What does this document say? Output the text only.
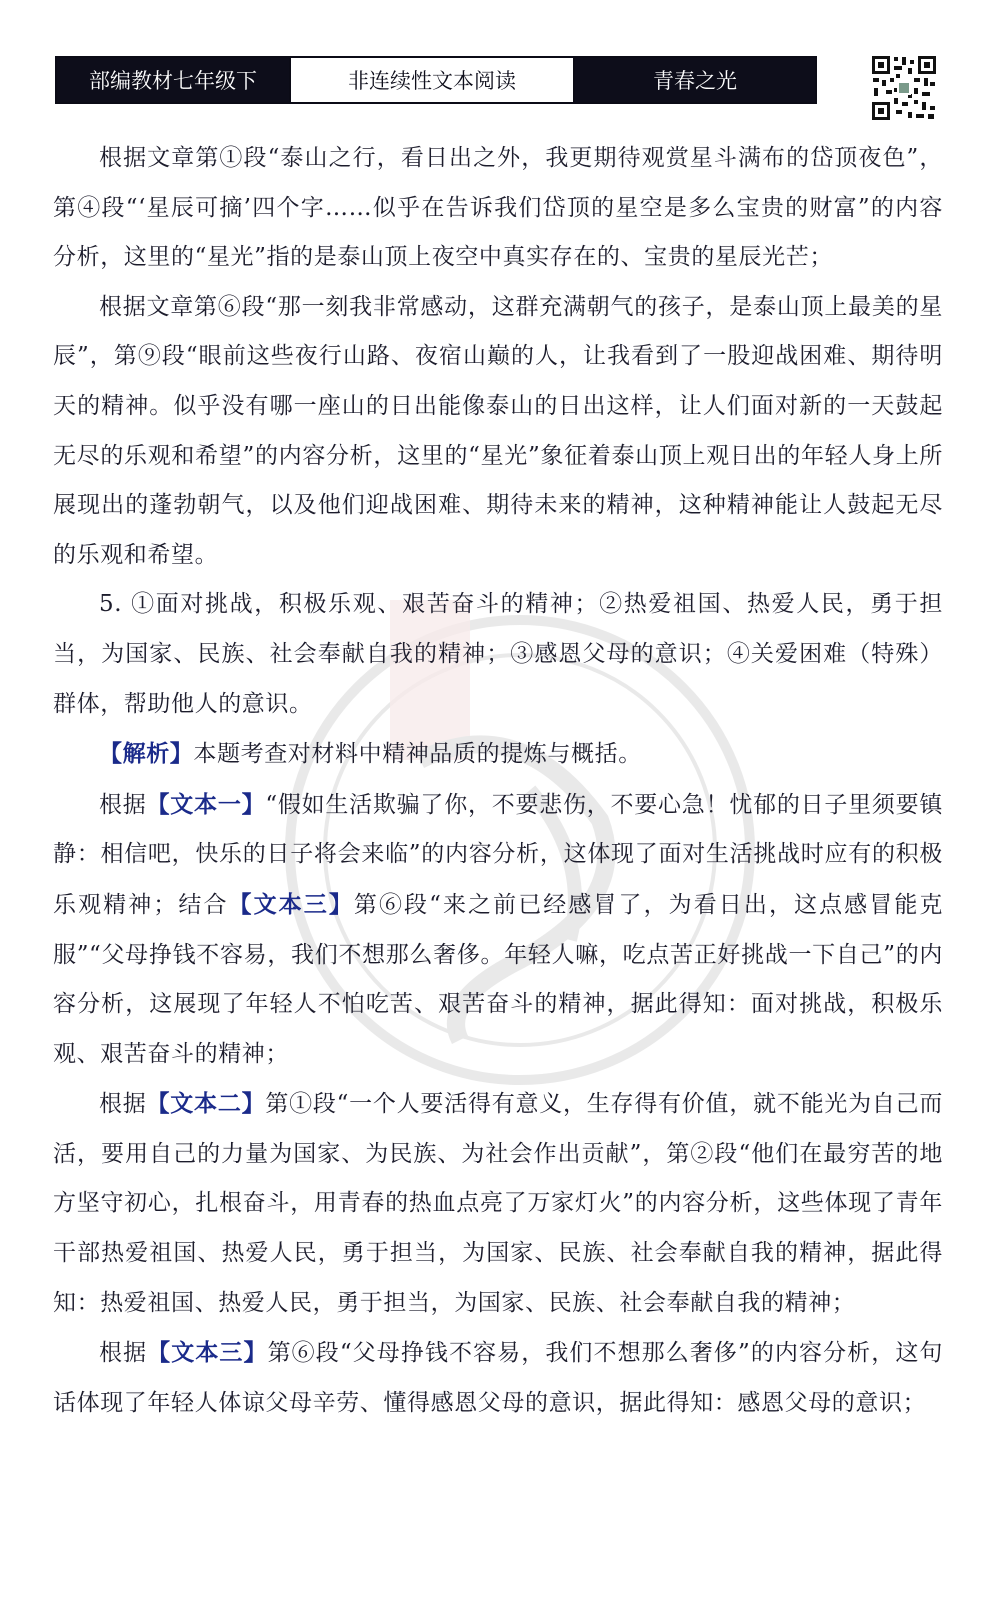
部编教材七年级下	非连续性文本阅读	青春之光

根据文章第①段“泰山之行，看日出之外，我更期待观赏星斗满布的岱顶夜色”，第④段“‘星辰可摘’四个字……似乎在告诉我们岱顶的星空是多么宝贵的财富”的内容分析，这里的“星光”指的是泰山顶上夜空中真实存在的、宝贵的星辰光芒；

根据文章第⑥段“那一刻我非常感动，这群充满朝气的孩子，是泰山顶上最美的星辰”，第⑨段“眼前这些夜行山路、夜宿山巅的人，让我看到了一股迎战困难、期待明天的精神。似乎没有哪一座山的日出能像泰山的日出这样，让人们面对新的一天鼓起无尽的乐观和希望”的内容分析，这里的“星光”象征着泰山顶上观日出的年轻人身上所展现出的蓬勃朝气，以及他们迎战困难、期待未来的精神，这种精神能让人鼓起无尽的乐观和希望。

5. ①面对挑战，积极乐观、艰苦奋斗的精神；②热爱祖国、热爱人民，勇于担当，为国家、民族、社会奉献自我的精神；③感恩父母的意识；④关爱困难（特殊）群体，帮助他人的意识。

【解析】本题考查对材料中精神品质的提炼与概括。

根据【文本一】“假如生活欺骗了你，不要悲伤，不要心急！忧郁的日子里须要镇静：相信吧，快乐的日子将会来临”的内容分析，这体现了面对生活挑战时应有的积极乐观精神；结合【文本三】第⑥段“来之前已经感冒了，为看日出，这点感冒能克服”“父母挣钱不容易，我们不想那么奢侈。年轻人嘛，吃点苦正好挑战一下自己”的内容分析，这展现了年轻人不怕吃苦、艰苦奋斗的精神，据此得知：面对挑战，积极乐观、艰苦奋斗的精神；

根据【文本二】第①段“一个人要活得有意义，生存得有价值，就不能光为自己而活，要用自己的力量为国家、为民族、为社会作出贡献”，第②段“他们在最穷苦的地方坚守初心，扎根奋斗，用青春的热血点亮了万家灯火”的内容分析，这些体现了青年干部热爱祖国、热爱人民，勇于担当，为国家、民族、社会奉献自我的精神，据此得知：热爱祖国、热爱人民，勇于担当，为国家、民族、社会奉献自我的精神；

根据【文本三】第⑥段“父母挣钱不容易，我们不想那么奢侈”的内容分析，这句话体现了年轻人体谅父母辛劳、懂得感恩父母的意识，据此得知：感恩父母的意识；
